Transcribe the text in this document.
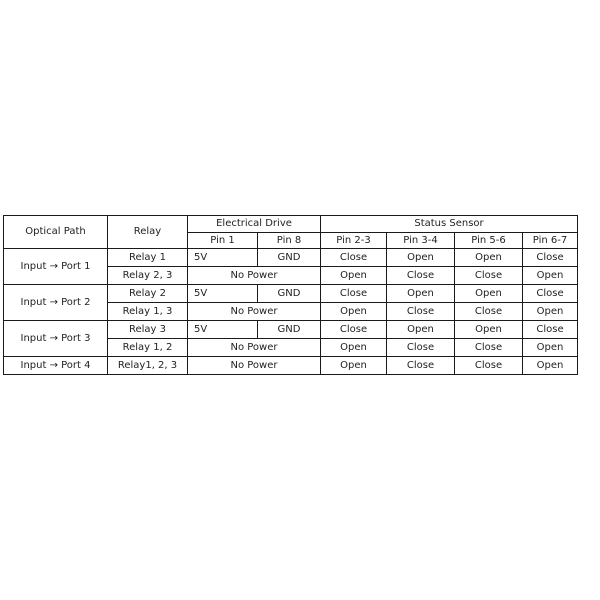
Optical Path	Relay	Electrical Drive		Status Sensor			
		Pin 1	Pin 8	Pin 2-3	Pin 3-4	Pin 5-6	Pin 6-7
Input → Port 1	Relay 1	5V	GND	Close	Open	Open	Close
	Relay 2, 3	No Power		Open	Close	Close	Open
Input → Port 2	Relay 2	5V	GND	Close	Open	Open	Close
	Relay 1, 3	No Power		Open	Close	Close	Open
Input → Port 3	Relay 3	5V	GND	Close	Open	Open	Close
	Relay 1, 2	No Power		Open	Close	Close	Open
Input → Port 4	Relay1, 2, 3	No Power		Open	Close	Close	Open
